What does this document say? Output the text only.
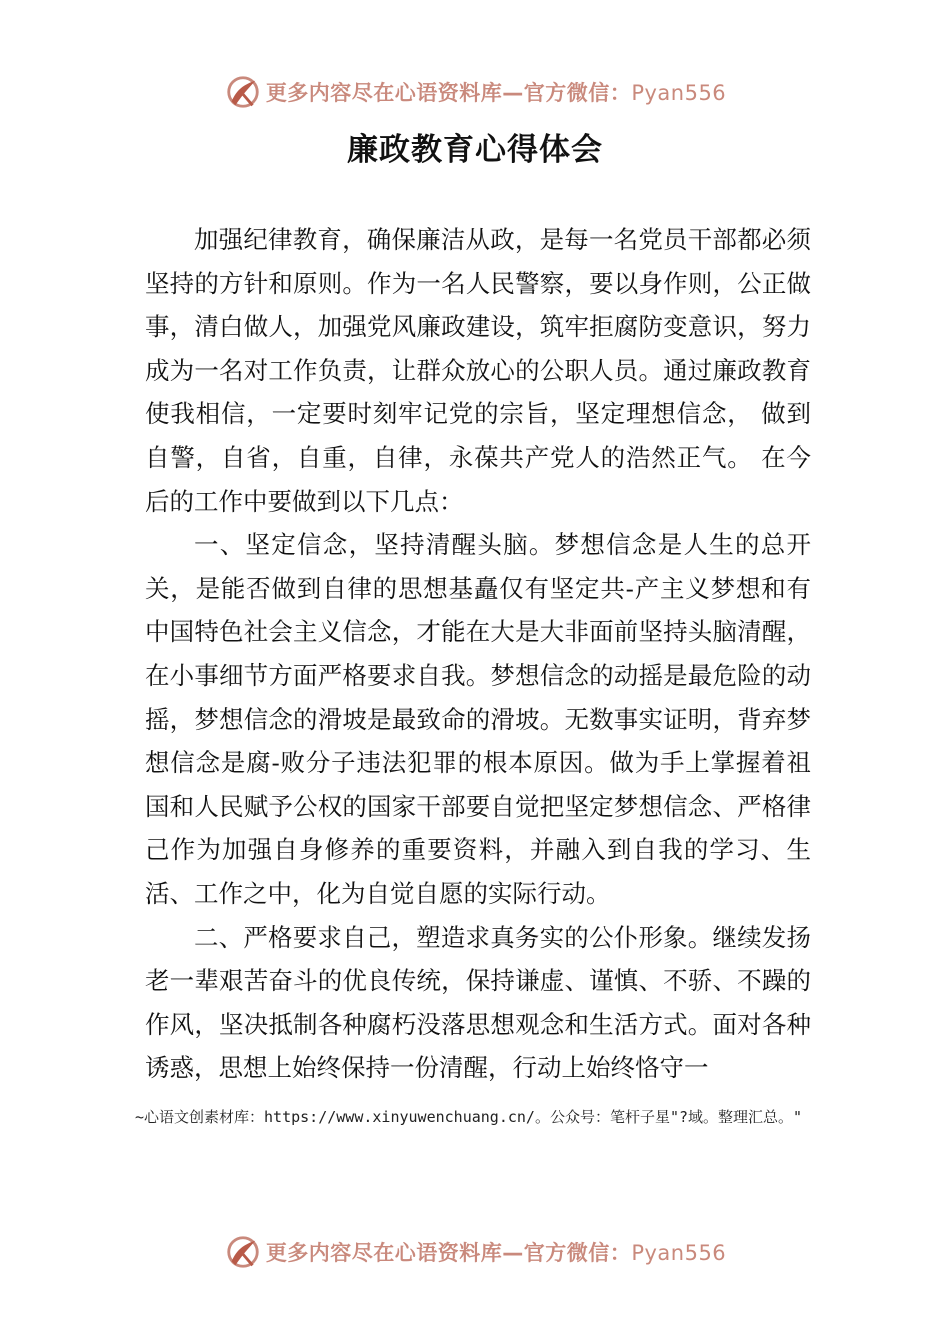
更多内容尽在心语资料库—官方微信：Pyan556
廉政教育心得体会

加强纪律教育，确保廉洁从政，是每一名党员干部都必须坚持的方针和原则。作为一名人民警察，要以身作则，公正做事，清白做人，加强党风廉政建设，筑牢拒腐防变意识，努力成为一名对工作负责，让群众放心的公职人员。通过廉政教育使我相信，一定要时刻牢记党的宗旨，坚定理想信念， 做到自警，自省，自重，自律，永葆共产党人的浩然正气。 在今后的工作中要做到以下几点：

一、坚定信念，坚持清醒头脑。梦想信念是人生的总开关，是能否做到自律的思想基矗仅有坚定共-产主义梦想和有中国特色社会主义信念，才能在大是大非面前坚持头脑清醒，在小事细节方面严格要求自我。梦想信念的动摇是最危险的动摇，梦想信念的滑坡是最致命的滑坡。无数事实证明，背弃梦想信念是腐-败分子违法犯罪的根本原因。做为手上掌握着祖国和人民赋予公权的国家干部要自觉把坚定梦想信念、严格律己作为加强自身修养的重要资料，并融入到自我的学习、生活、工作之中，化为自觉自愿的实际行动。

二、严格要求自己，塑造求真务实的公仆形象。继续发扬老一辈艰苦奋斗的优良传统，保持谦虚、谨慎、不骄、不躁的作风，坚决抵制各种腐朽没落思想观念和生活方式。面对各种诱惑，思想上始终保持一份清醒，行动上始终恪守一

~心语文创素材库：https://www.xinyuwenchuang.cn/。公众号：笔杆子星"?域。整理汇总。"
更多内容尽在心语资料库—官方微信：Pyan556
